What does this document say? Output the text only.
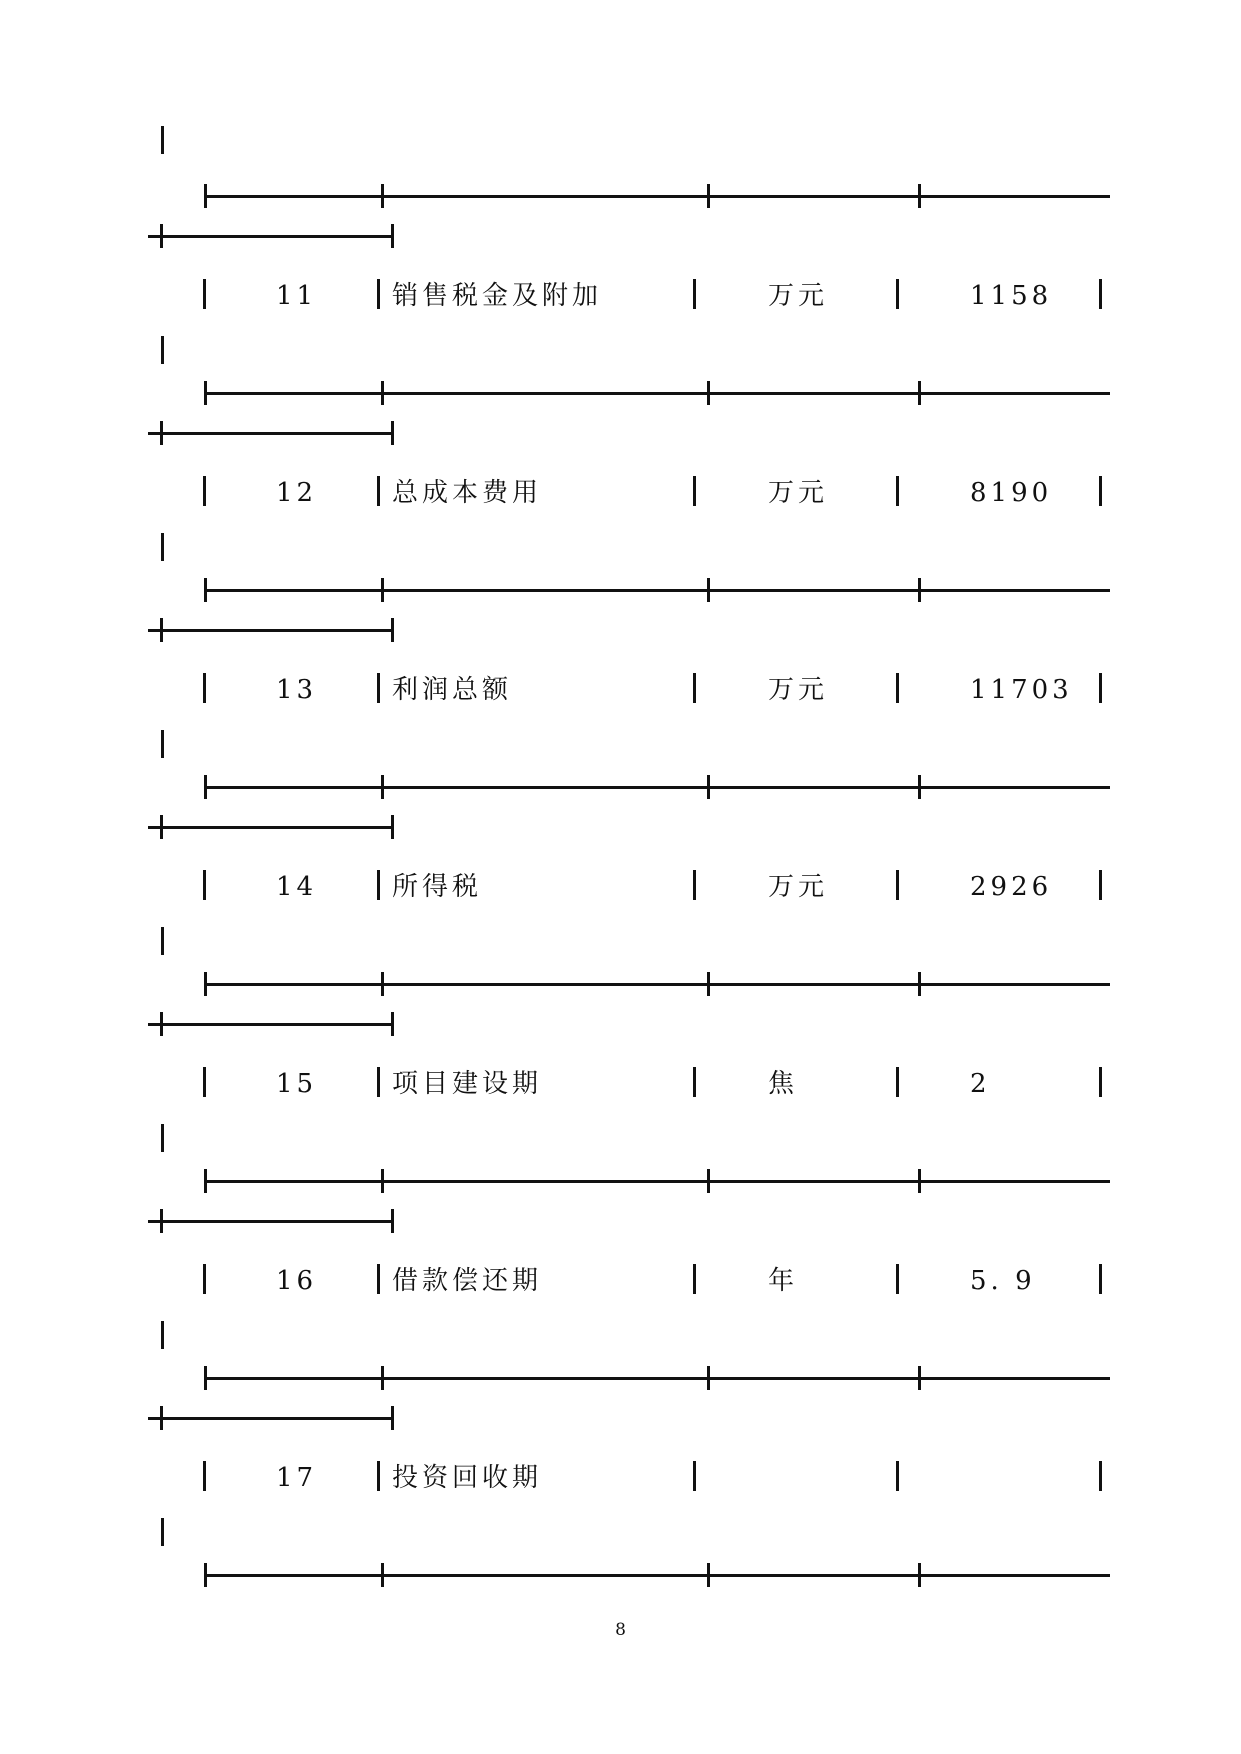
11	销售税金及附加	万元	1158
12	总成本费用	万元	8190
13	利润总额	万元	11703
14	所得税	万元	2926
15	项目建设期	焦	2
16	借款偿还期	年	5. 9
17	投资回收期
8
